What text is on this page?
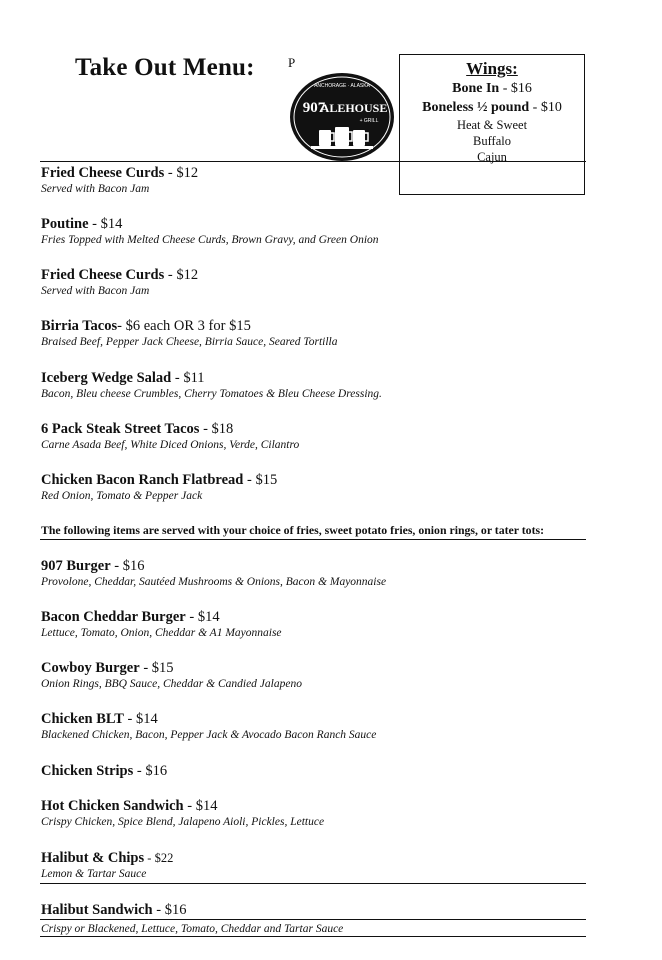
Take Out Menu:	P
ANCHORAGE · ALASKA
907
ALEHOUSE
+ GRILL
Wings:
Bone In - $16
Boneless ½ pound - $10
Heat & Sweet
Buffalo
Cajun
Fried Cheese Curds - $12
Served with Bacon Jam
Poutine - $14
Fries Topped with Melted Cheese Curds, Brown Gravy, and Green Onion
Fried Cheese Curds - $12
Served with Bacon Jam
Birria Tacos- $6 each OR 3 for $15
Braised Beef, Pepper Jack Cheese, Birria Sauce, Seared Tortilla
Iceberg Wedge Salad - $11
Bacon, Bleu cheese Crumbles, Cherry Tomatoes & Bleu Cheese Dressing.
6 Pack Steak Street Tacos - $18
Carne Asada Beef, White Diced Onions, Verde, Cilantro
Chicken Bacon Ranch Flatbread - $15
Red Onion, Tomato & Pepper Jack
The following items are served with your choice of fries, sweet potato fries, onion rings, or tater tots:
907 Burger - $16
Provolone, Cheddar, Sautéed Mushrooms & Onions, Bacon & Mayonnaise
Bacon Cheddar Burger - $14
Lettuce, Tomato, Onion, Cheddar & A1 Mayonnaise
Cowboy Burger - $15
Onion Rings, BBQ Sauce, Cheddar & Candied Jalapeno
Chicken BLT - $14
Blackened Chicken, Bacon, Pepper Jack & Avocado Bacon Ranch Sauce
Chicken Strips - $16
Hot Chicken Sandwich - $14
Crispy Chicken, Spice Blend, Jalapeno Aioli, Pickles, Lettuce
Halibut & Chips - $22
Lemon & Tartar Sauce
Halibut Sandwich - $16
Crispy or Blackened, Lettuce, Tomato, Cheddar and Tartar Sauce
